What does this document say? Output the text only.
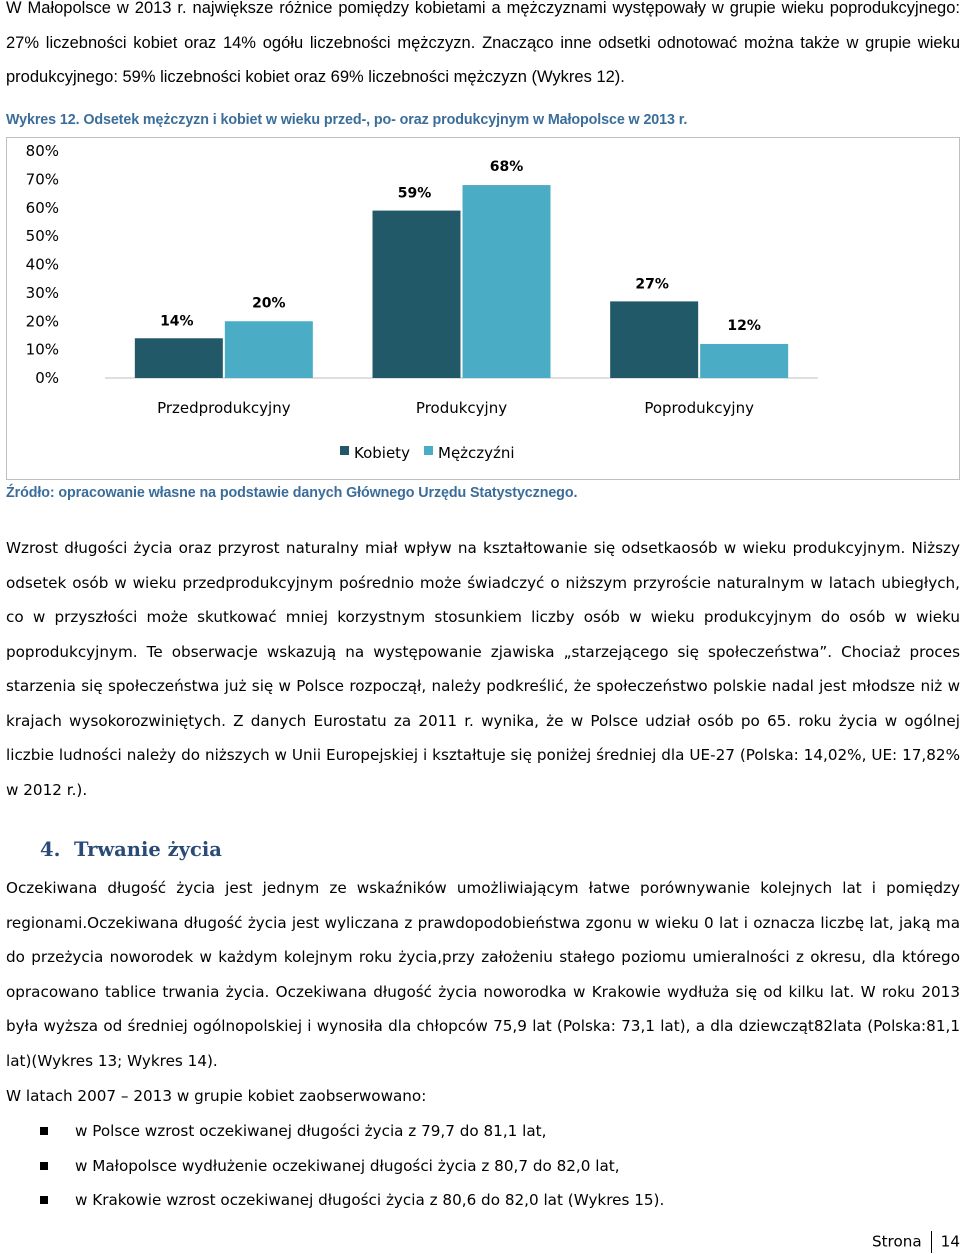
W Małopolsce w 2013 r. największe różnice pomiędzy kobietami a mężczyznami występowały w grupie wieku poprodukcyjnego: 27% liczebności kobiet oraz 14% ogółu liczebności mężczyzn. Znacząco inne odsetki odnotować można także w grupie wieku produkcyjnego: 59% liczebności kobiet oraz 69% liczebności mężczyzn (Wykres 12).

Wykres 12. Odsetek mężczyzn i kobiet w wieku przed-, po- oraz produkcyjnym w Małopolsce w 2013 r.

0%
10%
20%
30%
40%
50%
60%
70%
80%
14%
20%
59%
68%
27%
12%
Przedprodukcyjny	Produkcyjny	Poprodukcyjny
Kobiety Mężczyźni

Źródło: opracowanie własne na podstawie danych Głównego Urzędu Statystycznego.

Wzrost długości życia oraz przyrost naturalny miał wpływ na kształtowanie się odsetkaosób w wieku produkcyjnym. Niższy odsetek osób w wieku przedprodukcyjnym pośrednio może świadczyć o niższym przyroście naturalnym w latach ubiegłych, co w przyszłości może skutkować mniej korzystnym stosunkiem liczby osób w wieku produkcyjnym do osób w wieku poprodukcyjnym. Te obserwacje wskazują na występowanie zjawiska „starzejącego się społeczeństwa”. Chociaż proces starzenia się społeczeństwa już się w Polsce rozpoczął, należy podkreślić, że społeczeństwo polskie nadal jest młodsze niż w krajach wysokorozwiniętych. Z danych Eurostatu za 2011 r. wynika, że w Polsce udział osób po 65. roku życia w ogólnej liczbie ludności należy do niższych w Unii Europejskiej i kształtuje się poniżej średniej dla UE-27 (Polska: 14,02%, UE: 17,82% w 2012 r.).

4. Trwanie życia

Oczekiwana długość życia jest jednym ze wskaźników umożliwiającym łatwe porównywanie kolejnych lat i pomiędzy regionami.Oczekiwana długość życia jest wyliczana z prawdopodobieństwa zgonu w wieku 0 lat i oznacza liczbę lat, jaką ma do przeżycia noworodek w każdym kolejnym roku życia,przy założeniu stałego poziomu umieralności z okresu, dla którego opracowano tablice trwania życia. Oczekiwana długość życia noworodka w Krakowie wydłuża się od kilku lat. W roku 2013 była wyższa od średniej ogólnopolskiej i wynosiła dla chłopców 75,9 lat (Polska: 73,1 lat), a dla dziewcząt82lata (Polska:81,1 lat)(Wykres 13; Wykres 14).

W latach 2007 – 2013 w grupie kobiet zaobserwowano:

w Polsce wzrost oczekiwanej długości życia z 79,7 do 81,1 lat,
w Małopolsce wydłużenie oczekiwanej długości życia z 80,7 do 82,0 lat,
w Krakowie wzrost oczekiwanej długości życia z 80,6 do 82,0 lat (Wykres 15).
Strona 14
